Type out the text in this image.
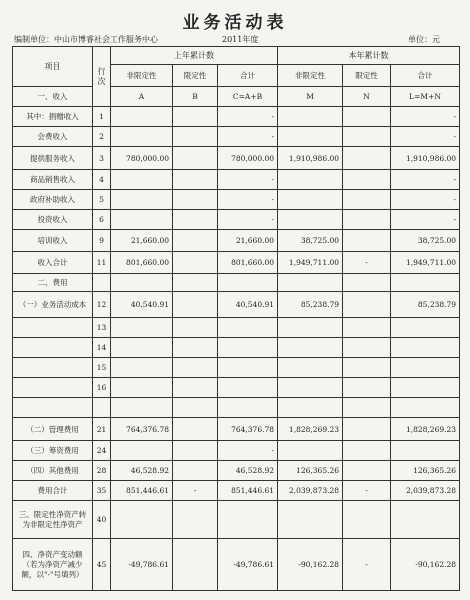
业务活动表
编制单位：中山市博睿社会工作服务中心	2011年度	单位：元
项目	行次	上年累计数			本年累计数		
		非限定性	限定性	合计	非限定性	限定性	合计
一、收入		A	B	C=A+B	M	N	L=M+N
其中：捐赠收入	1			-			-
会费收入	2			-			-
提供服务收入	3	780,000.00		780,000.00	1,910,986.00		1,910,986.00
商品销售收入	4			-			-
政府补助收入	5			-			-
投资收入	6			-			-
培训收入	9	21,660.00		21,660.00	38,725.00		38,725.00
收入合计	11	801,660.00		801,660.00	1,949,711.00	-	1,949,711.00
二、费用							
（一）业务活动成本	12	40,540.91		40,540.91	85,238.79		85,238.79
	13						
	14						
	15						
	16						

（二）管理费用	21	764,376.78		764,376.78	1,828,269.23		1,828,269.23
（三）筹资费用	24			-			
（四）其他费用	28	46,528.92		46,528.92	126,365.26		126,365.26
费用合计	35	851,446.61	-	851,446.61	2,039,873.28	-	2,039,873.28
三、限定性净资产转为非限定性净资产	40						
四、净资产变动额（若为净资产减少额，以"-"号填列）	45	-49,786.61		-49,786.61	-90,162.28	-	-90,162.28
